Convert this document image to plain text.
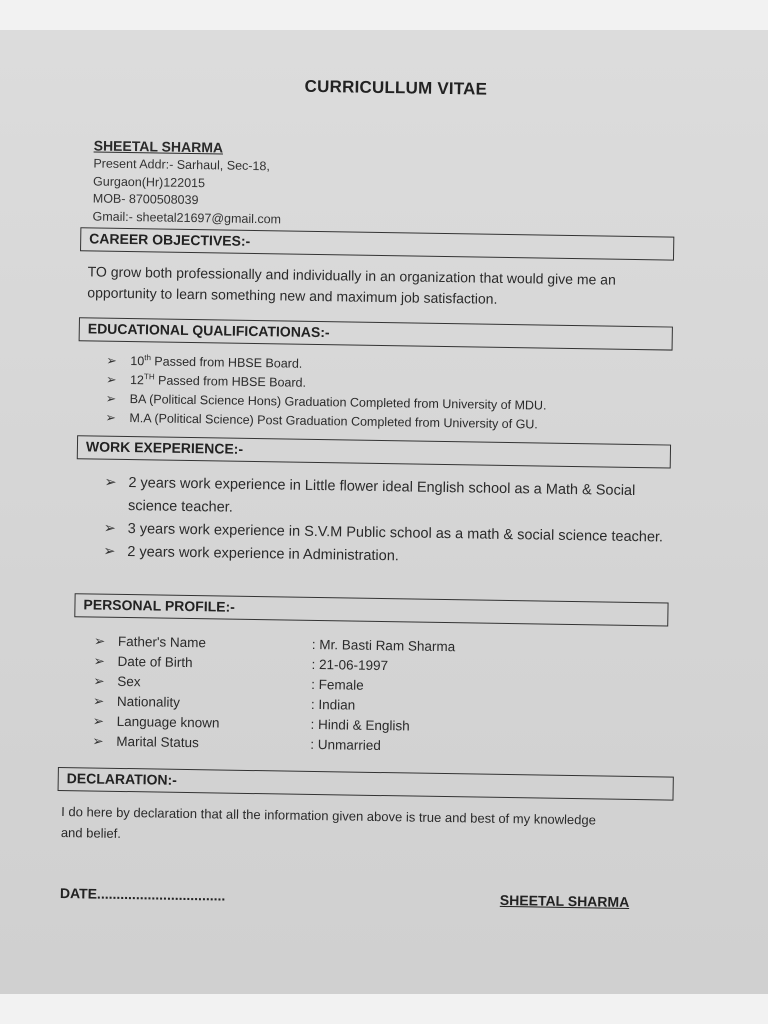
CURRICULLUM VITAE
SHEETAL SHARMA
Present Addr:- Sarhaul, Sec-18,
Gurgaon(Hr)122015
MOB- 8700508039
Gmail:- sheetal21697@gmail.com
CAREER OBJECTIVES:-
TO grow both professionally and individually in an organization that would give me an opportunity to learn something new and maximum job satisfaction.
EDUCATIONAL QUALIFICATIONAS:-
➢ 10th Passed from HBSE Board.
➢ 12TH Passed from HBSE Board.
➢ BA (Political Science Hons) Graduation Completed from University of MDU.
➢ M.A (Political Science) Post Graduation Completed from University of GU.
WORK EXEPERIENCE:-
➢ 2 years work experience in Little flower ideal English school as a Math & Social science teacher.
➢ 3 years work experience in S.V.M Public school as a math & social science teacher.
➢ 2 years work experience in Administration.
PERSONAL PROFILE:-
➢ Father's Name	: Mr. Basti Ram Sharma
➢ Date of Birth	: 21-06-1997
➢ Sex	: Female
➢ Nationality	: Indian
➢ Language known	: Hindi & English
➢ Marital Status	: Unmarried
DECLARATION:-
I do here by declaration that all the information given above is true and best of my knowledge and belief.
DATE.................................	SHEETAL SHARMA
